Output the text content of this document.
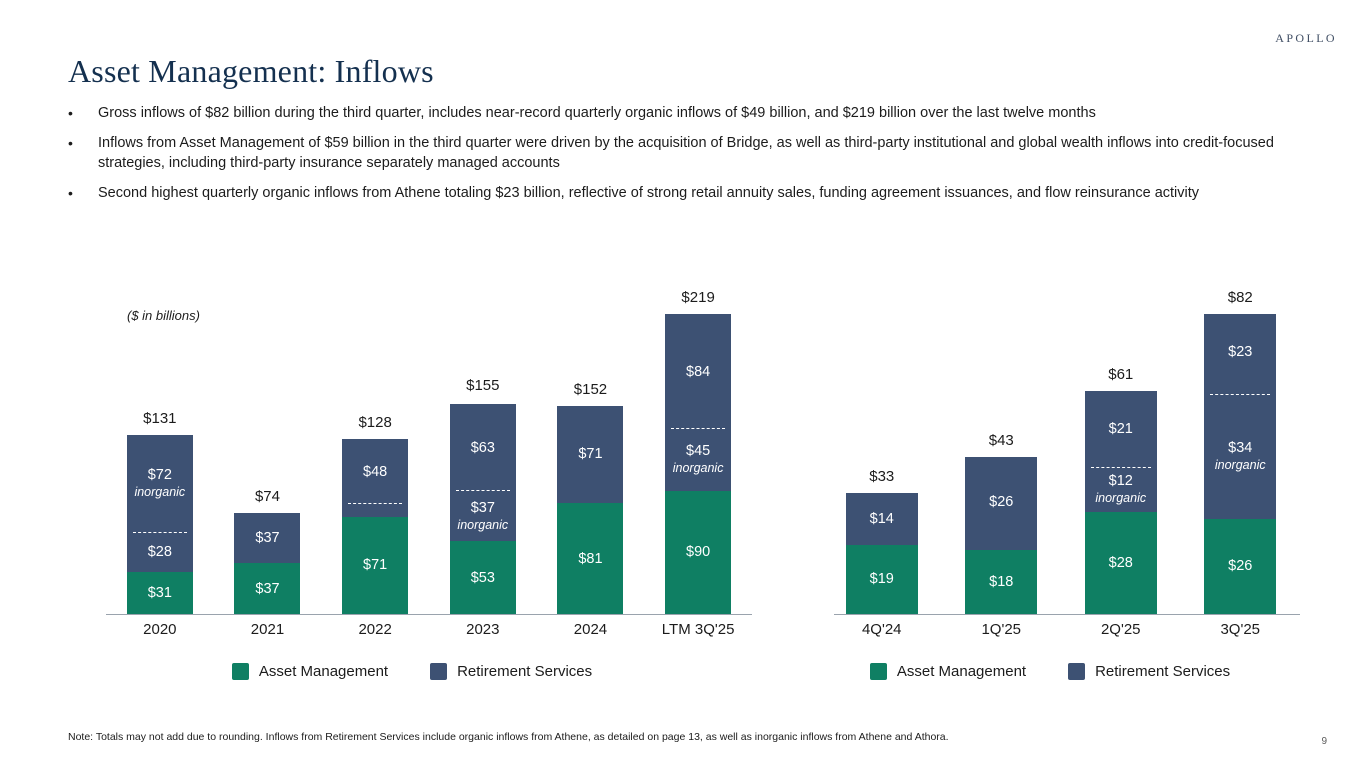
APOLLO
Asset Management: Inflows
•	Gross inflows of $82 billion during the third quarter, includes near-record quarterly organic inflows of $49 billion, and $219 billion over the last twelve months
•	Inflows from Asset Management of $59 billion in the third quarter were driven by the acquisition of Bridge, as well as third-party institutional and global wealth inflows into credit-focused strategies, including third-party insurance separately managed accounts
•	Second highest quarterly organic inflows from Athene totaling $23 billion, reflective of strong retail annuity sales, funding agreement issuances, and flow reinsurance activity
($ in billions)
$31
$28
$72
inorganic
$131
$37
$37
$74
$71
$48
$128
$53
$37
inorganic
$63
$155
$81
$71
$152
$90
$45
inorganic
$84
$219
2020	2021	2022	2023	2024	LTM 3Q'25
Asset Management	Retirement Services
$19
$14
$33
$18
$26
$43
$28
$12
inorganic
$21
$61
$26
$34
inorganic
$23
$82
4Q'24	1Q'25	2Q'25	3Q'25
Asset Management	Retirement Services
Note: Totals may not add due to rounding. Inflows from Retirement Services include organic inflows from Athene, as detailed on page 13, as well as inorganic inflows from Athene and Athora.	9
